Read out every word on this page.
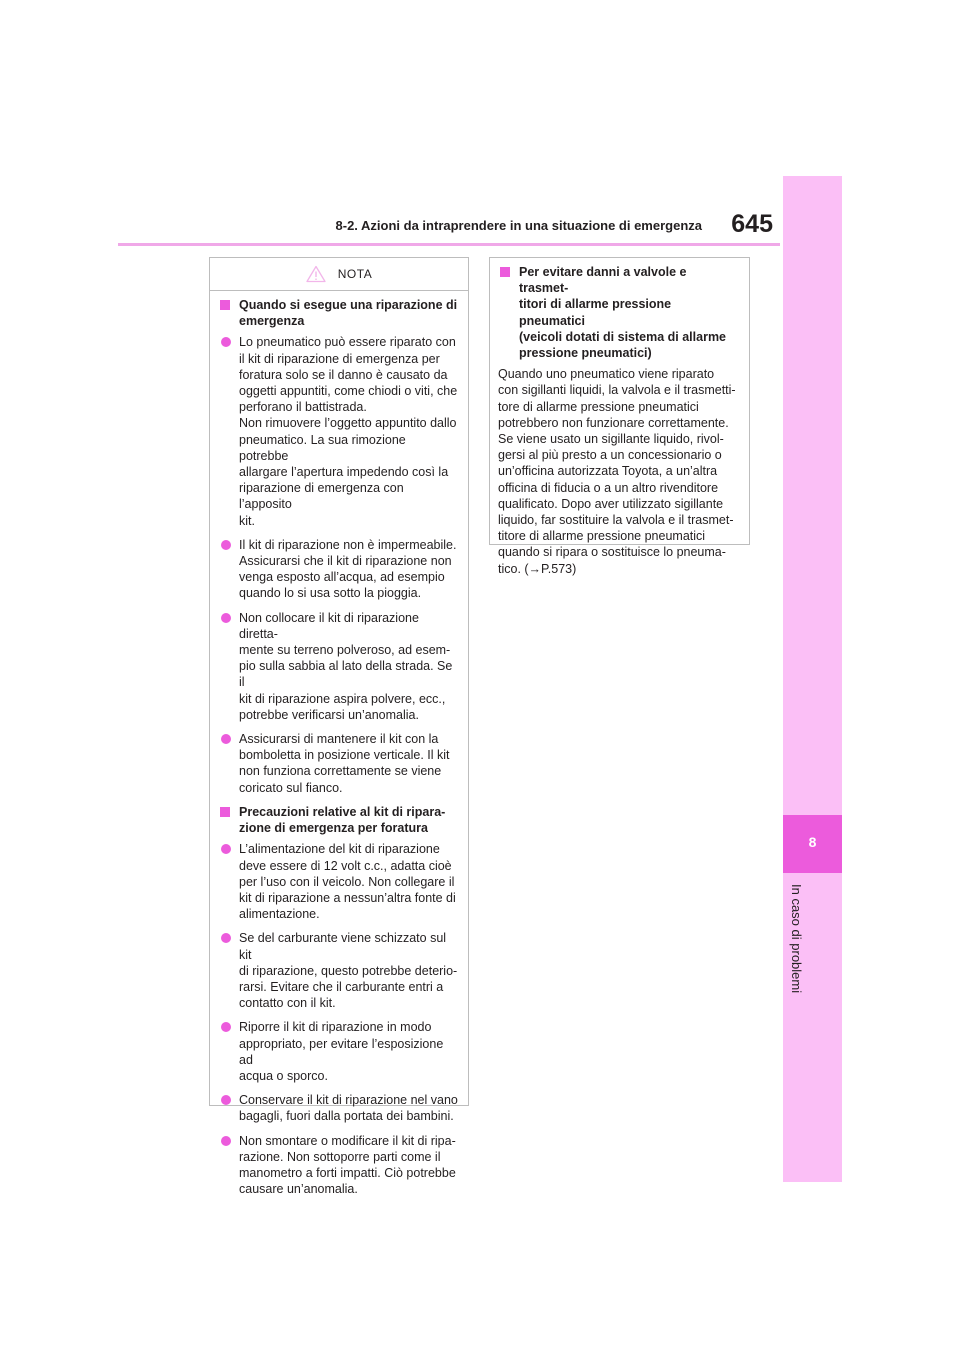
8-2. Azioni da intraprendere in una situazione di emergenza	645
8
In caso di problemi
NOTA
Quando si esegue una riparazione di
emergenza
Lo pneumatico può essere riparato con
il kit di riparazione di emergenza per
foratura solo se il danno è causato da
oggetti appuntiti, come chiodi o viti, che
perforano il battistrada.
Non rimuovere l’oggetto appuntito dallo
pneumatico. La sua rimozione potrebbe
allargare l’apertura impedendo così la
riparazione di emergenza con l’apposito
kit.
Il kit di riparazione non è impermeabile.
Assicurarsi che il kit di riparazione non
venga esposto all’acqua, ad esempio
quando lo si usa sotto la pioggia.
Non collocare il kit di riparazione diretta-
mente su terreno polveroso, ad esem-
pio sulla sabbia al lato della strada. Se il
kit di riparazione aspira polvere, ecc.,
potrebbe verificarsi un’anomalia.
Assicurarsi di mantenere il kit con la
bomboletta in posizione verticale. Il kit
non funziona correttamente se viene
coricato sul fianco.
Precauzioni relative al kit di ripara-
zione di emergenza per foratura
L’alimentazione del kit di riparazione
deve essere di 12 volt c.c., adatta cioè
per l’uso con il veicolo. Non collegare il
kit di riparazione a nessun’altra fonte di
alimentazione.
Se del carburante viene schizzato sul kit
di riparazione, questo potrebbe deterio-
rarsi. Evitare che il carburante entri a
contatto con il kit.
Riporre il kit di riparazione in modo
appropriato, per evitare l’esposizione ad
acqua o sporco.
Conservare il kit di riparazione nel vano
bagagli, fuori dalla portata dei bambini.
Non smontare o modificare il kit di ripa-
razione. Non sottoporre parti come il
manometro a forti impatti. Ciò potrebbe
causare un’anomalia.
Per evitare danni a valvole e trasmet-
titori di allarme pressione pneumatici
(veicoli dotati di sistema di allarme
pressione pneumatici)
Quando uno pneumatico viene riparato
con sigillanti liquidi, la valvola e il trasmetti-
tore di allarme pressione pneumatici
potrebbero non funzionare correttamente.
Se viene usato un sigillante liquido, rivol-
gersi al più presto a un concessionario o
un’officina autorizzata Toyota, a un’altra
officina di fiducia o a un altro rivenditore
qualificato. Dopo aver utilizzato sigillante
liquido, far sostituire la valvola e il trasmet-
titore di allarme pressione pneumatici
quando si ripara o sostituisce lo pneuma-
tico. (→P.573)
